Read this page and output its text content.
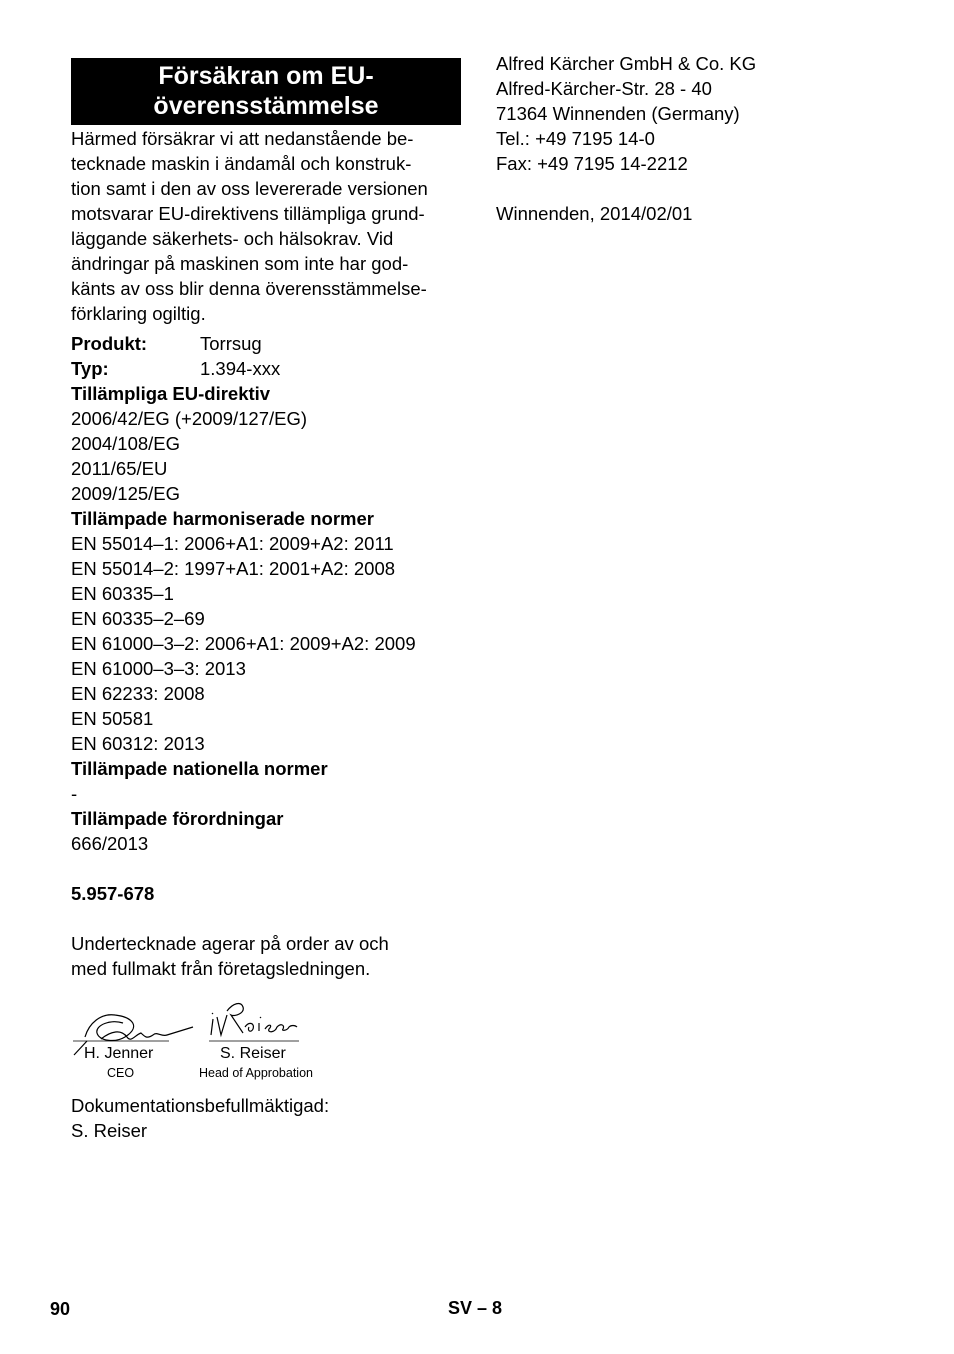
Försäkran om EU-
överensstämmelse
Härmed försäkrar vi att nedanstående be-
tecknade maskin i ändamål och konstruk-
tion samt i den av oss levererade versionen
motsvarar EU-direktivens tillämpliga grund-
läggande säkerhets- och hälsokrav. Vid
ändringar på maskinen som inte har god-
känts av oss blir denna överensstämmelse-
förklaring ogiltig.
Produkt:	Torrsug
Typ:	1.394-xxx
Tillämpliga EU-direktiv
2006/42/EG (+2009/127/EG)
2004/108/EG
2011/65/EU
2009/125/EG
Tillämpade harmoniserade normer
EN 55014–1: 2006+A1: 2009+A2: 2011
EN 55014–2: 1997+A1: 2001+A2: 2008
EN 60335–1
EN 60335–2–69
EN 61000–3–2: 2006+A1: 2009+A2: 2009
EN 61000–3–3: 2013
EN 62233: 2008
EN 50581
EN 60312: 2013
Tillämpade nationella normer
-
Tillämpade förordningar
666/2013
5.957-678
Undertecknade agerar på order av och
med fullmakt från företagsledningen.
H. Jenner
CEO
S. Reiser
Head of Approbation
Dokumentationsbefullmäktigad:
S. Reiser
Alfred Kärcher GmbH & Co. KG
Alfred-Kärcher-Str. 28 - 40
71364 Winnenden (Germany)
Tel.: +49 7195 14-0
Fax: +49 7195 14-2212
Winnenden, 2014/02/01
90	SV – 8
